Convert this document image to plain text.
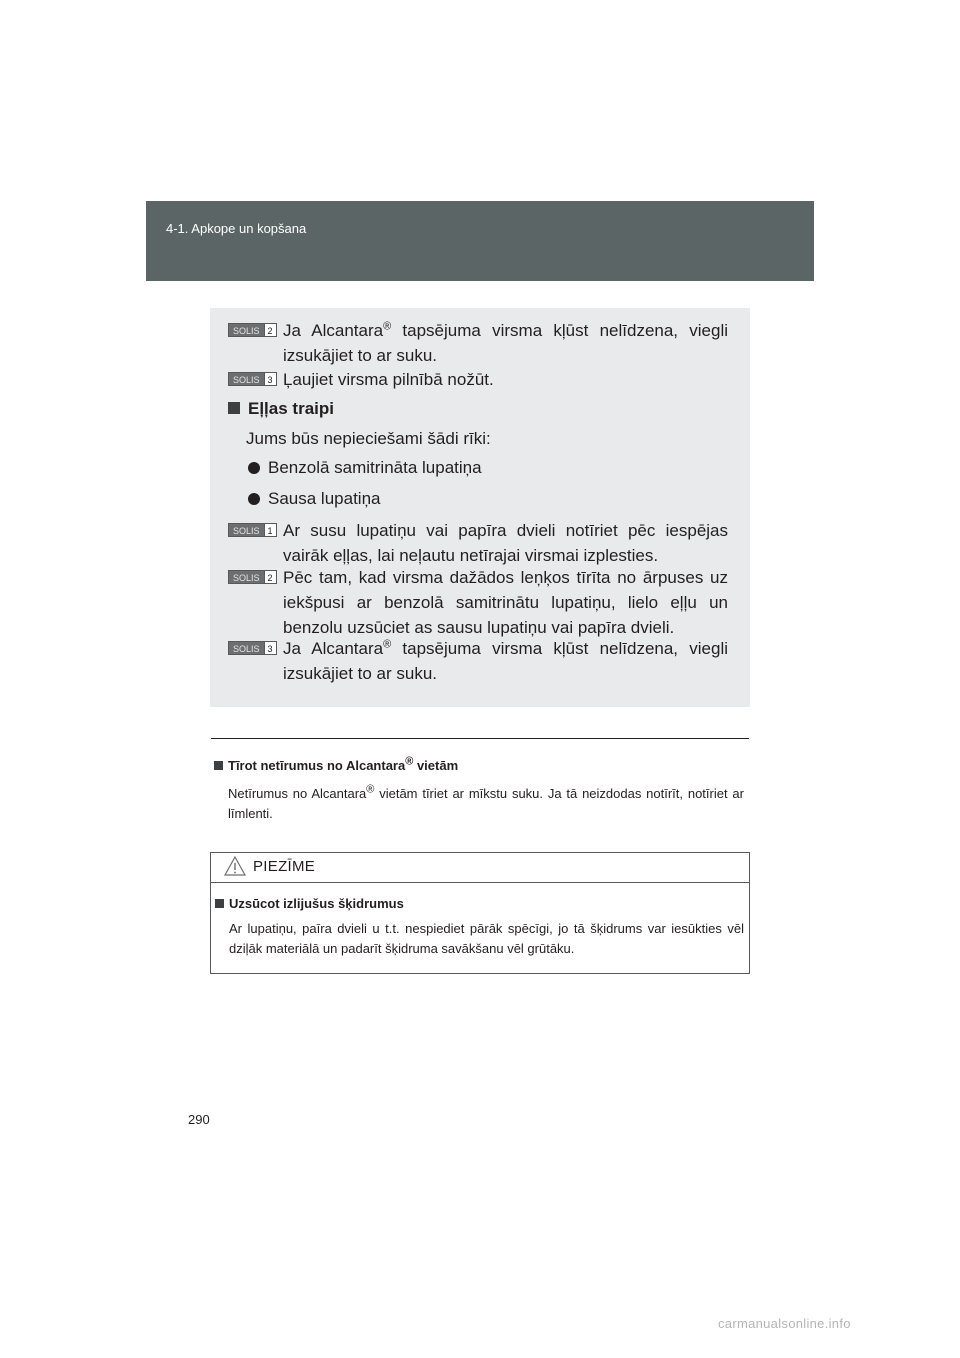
4-1. Apkope un kopšana
SOLIS 2 Ja Alcantara® tapsējuma virsma kļūst nelīdzena, viegli izsukājiet to ar suku.
SOLIS 3 Ļaujiet virsma pilnībā nožūt.
Eļļas traipi
Jums būs nepieciešami šādi rīki:
Benzolā samitrināta lupatiņa
Sausa lupatiņa
SOLIS 1 Ar susu lupatiņu vai papīra dvieli notīriet pēc iespējas vairāk eļļas, lai neļautu netīrajai virsmai izplesties.
SOLIS 2 Pēc tam, kad virsma dažādos leņķos tīrīta no ārpuses uz iekšpusi ar benzolā samitrinātu lupatiņu, lielo eļļu un benzolu uzsūciet as sausu lupatiņu vai papīra dvieli.
SOLIS 3 Ja Alcantara® tapsējuma virsma kļūst nelīdzena, viegli izsukājiet to ar suku.
Tīrot netīrumus no Alcantara® vietām
Netīrumus no Alcantara® vietām tīriet ar mīkstu suku. Ja tā neizdodas notīrīt, notīriet ar līmlenti.
PIEZĪME
Uzsūcot izlijušus šķidrumus
Ar lupatiņu, paīra dvieli u t.t. nespiediet pārāk spēcīgi, jo tā šķidrums var iesūkties vēl dziļāk materiālā un padarīt šķidruma savākšanu vēl grūtāku.
290
carmanualsonline.info
